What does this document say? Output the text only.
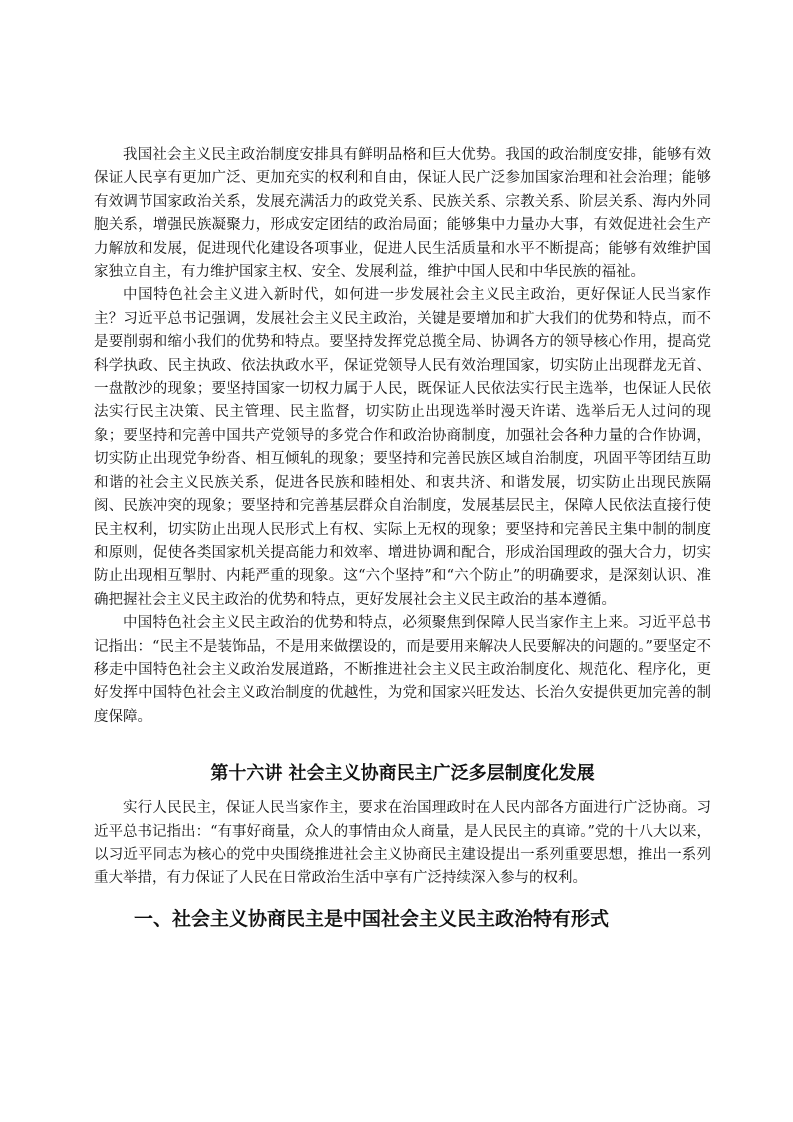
我国社会主义民主政治制度安排具有鲜明品格和巨大优势。我国的政治制度安排，能够有效保证人民享有更加广泛、更加充实的权利和自由，保证人民广泛参加国家治理和社会治理；能够有效调节国家政治关系，发展充满活力的政党关系、民族关系、宗教关系、阶层关系、海内外同胞关系，增强民族凝聚力，形成安定团结的政治局面；能够集中力量办大事，有效促进社会生产力解放和发展，促进现代化建设各项事业，促进人民生活质量和水平不断提高；能够有效维护国家独立自主，有力维护国家主权、安全、发展利益，维护中国人民和中华民族的福祉。

中国特色社会主义进入新时代，如何进一步发展社会主义民主政治，更好保证人民当家作主？习近平总书记强调，发展社会主义民主政治，关键是要增加和扩大我们的优势和特点，而不是要削弱和缩小我们的优势和特点。要坚持发挥党总揽全局、协调各方的领导核心作用，提高党科学执政、民主执政、依法执政水平，保证党领导人民有效治理国家，切实防止出现群龙无首、一盘散沙的现象；要坚持国家一切权力属于人民，既保证人民依法实行民主选举，也保证人民依法实行民主决策、民主管理、民主监督，切实防止出现选举时漫天许诺、选举后无人过问的现象；要坚持和完善中国共产党领导的多党合作和政治协商制度，加强社会各种力量的合作协调，切实防止出现党争纷沓、相互倾轧的现象；要坚持和完善民族区域自治制度，巩固平等团结互助和谐的社会主义民族关系，促进各民族和睦相处、和衷共济、和谐发展，切实防止出现民族隔阂、民族冲突的现象；要坚持和完善基层群众自治制度，发展基层民主，保障人民依法直接行使民主权利，切实防止出现人民形式上有权、实际上无权的现象；要坚持和完善民主集中制的制度和原则，促使各类国家机关提高能力和效率、增进协调和配合，形成治国理政的强大合力，切实防止出现相互掣肘、内耗严重的现象。这“六个坚持”和“六个防止”的明确要求，是深刻认识、准确把握社会主义民主政治的优势和特点，更好发展社会主义民主政治的基本遵循。

中国特色社会主义民主政治的优势和特点，必须聚焦到保障人民当家作主上来。习近平总书记指出：“民主不是装饰品，不是用来做摆设的，而是要用来解决人民要解决的问题的。”要坚定不移走中国特色社会主义政治发展道路，不断推进社会主义民主政治制度化、规范化、程序化，更好发挥中国特色社会主义政治制度的优越性，为党和国家兴旺发达、长治久安提供更加完善的制度保障。

第十六讲 社会主义协商民主广泛多层制度化发展

实行人民民主，保证人民当家作主，要求在治国理政时在人民内部各方面进行广泛协商。习近平总书记指出：“有事好商量，众人的事情由众人商量，是人民民主的真谛。”党的十八大以来，以习近平同志为核心的党中央围绕推进社会主义协商民主建设提出一系列重要思想，推出一系列重大举措，有力保证了人民在日常政治生活中享有广泛持续深入参与的权利。

一、社会主义协商民主是中国社会主义民主政治特有形式
